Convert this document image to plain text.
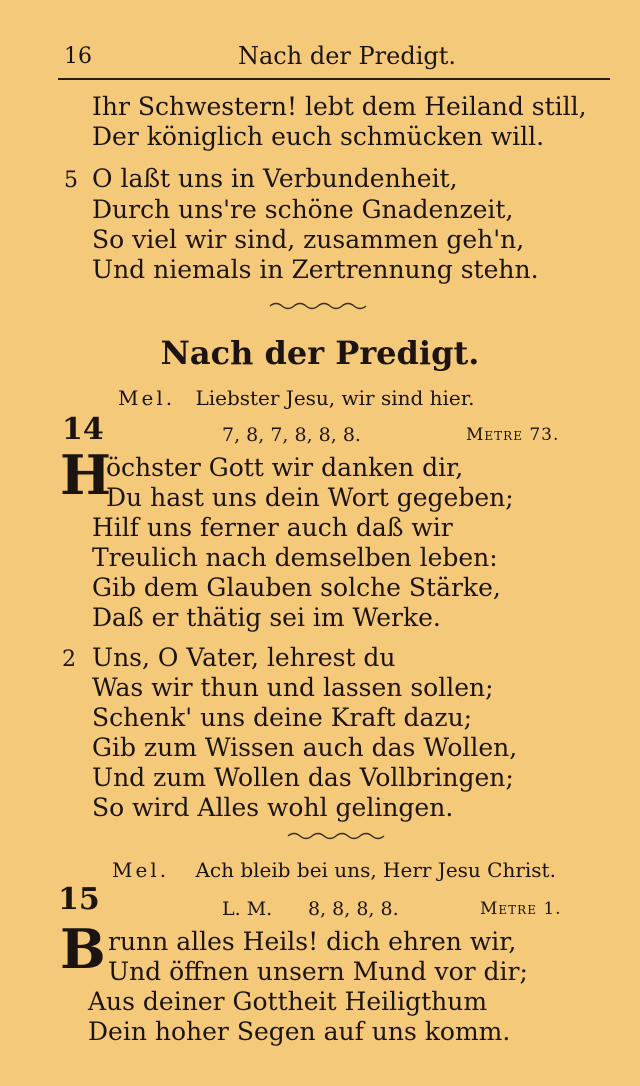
16	Nach der Predigt.
Ihr Schwestern! lebt dem Heiland still,
Der königlich euch schmücken will.
5 O laßt uns in Verbundenheit,
Durch uns're schöne Gnadenzeit,
So viel wir sind, zusammen geh'n,
Und niemals in Zertrennung stehn.
Nach der Predigt.
Mel. Liebster Jesu, wir sind hier.
14	7, 8, 7, 8, 8, 8.	Metre 73.
H
öchster Gott wir danken dir,
Du hast uns dein Wort gegeben;
Hilf uns ferner auch daß wir
Treulich nach demselben leben:
Gib dem Glauben solche Stärke,
Daß er thätig sei im Werke.
2 Uns, O Vater, lehrest du
Was wir thun und lassen sollen;
Schenk' uns deine Kraft dazu;
Gib zum Wissen auch das Wollen,
Und zum Wollen das Vollbringen;
So wird Alles wohl gelingen.
Mel. Ach bleib bei uns, Herr Jesu Christ.
15	L. M. 8, 8, 8, 8.	Metre 1.
B runn alles Heils! dich ehren wir,
Und öffnen unsern Mund vor dir;
Aus deiner Gottheit Heiligthum
Dein hoher Segen auf uns komm.
